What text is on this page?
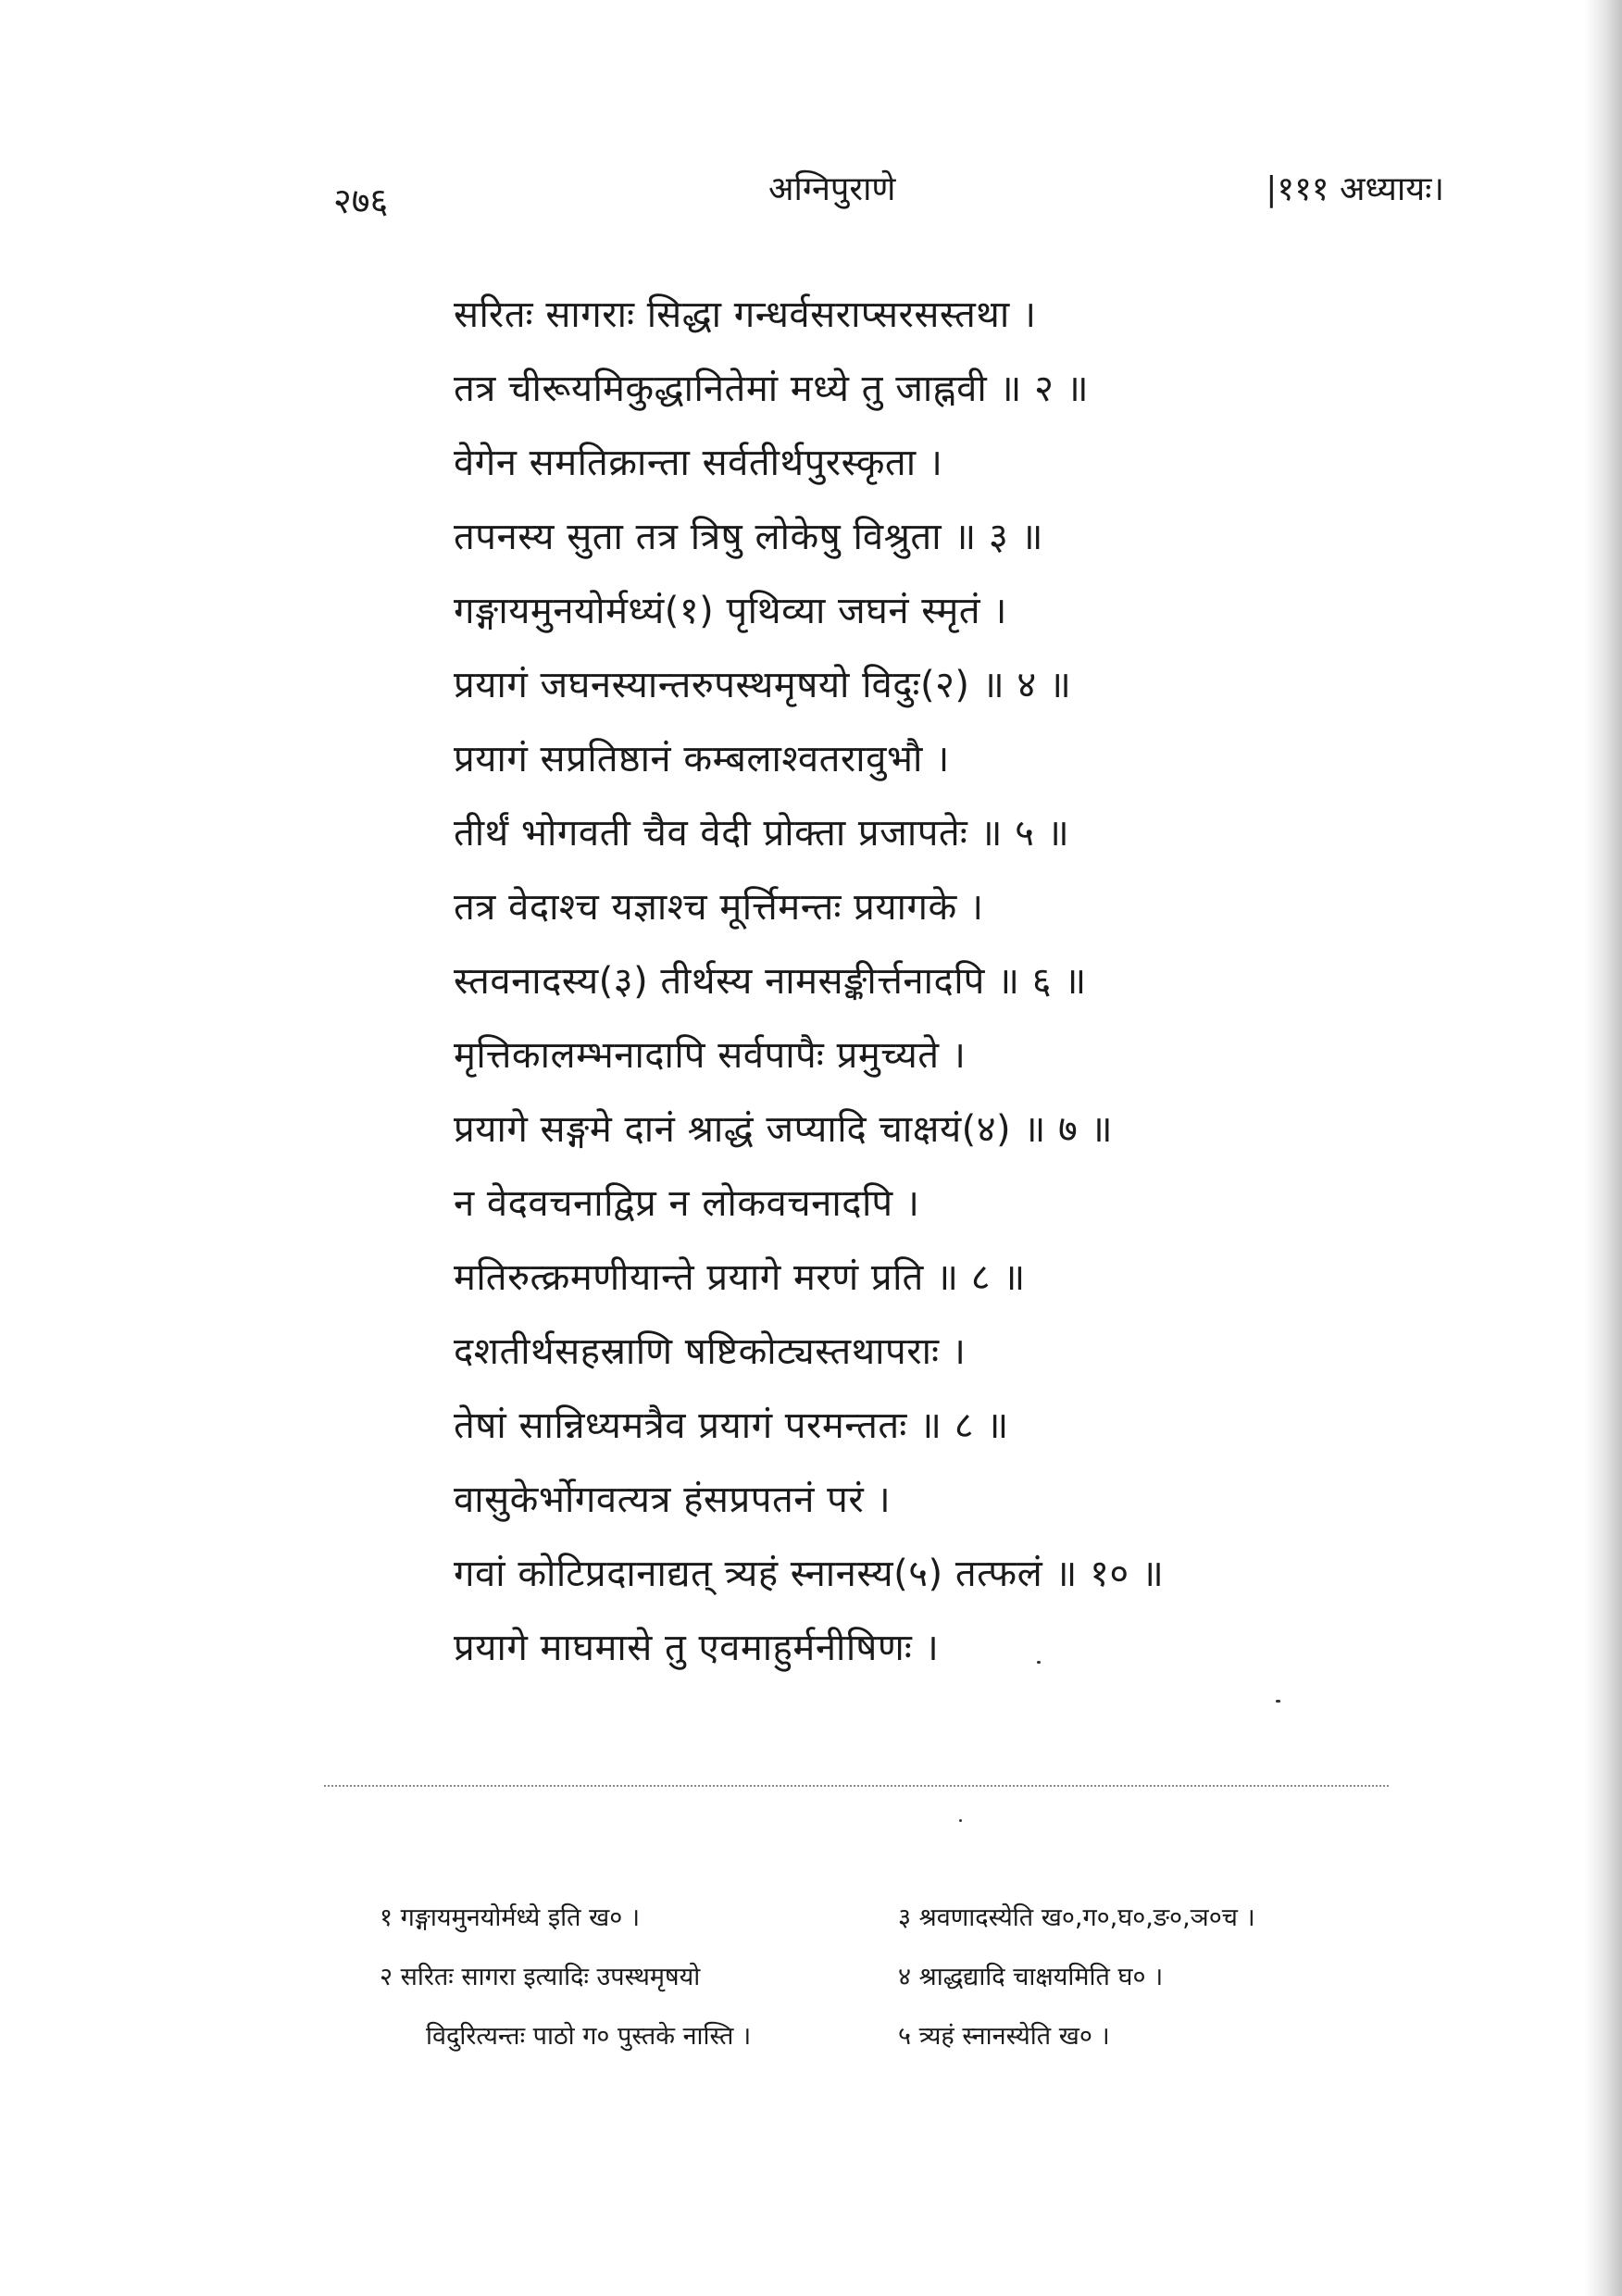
२७६	अग्निपुराणे	|१११ अध्यायः।
सरितः सागराः सिद्धा गन्धर्वसराप्सरसस्तथा ।
तत्र चीरूयमिकुद्धानितेमां मध्ये तु जाह्नवी ॥ २ ॥
वेगेन समतिक्रान्ता सर्वतीर्थपुरस्कृता ।
तपनस्य सुता तत्र त्रिषु लोकेषु विश्रुता ॥ ३ ॥
गङ्गायमुनयोर्मध्यं(१) पृथिव्या जघनं स्मृतं ।
प्रयागं जघनस्यान्तरुपस्थमृषयो विदुः(२) ॥ ४ ॥
प्रयागं सप्रतिष्ठानं कम्बलाश्वतरावुभौ ।
तीर्थं भोगवती चैव वेदी प्रोक्ता प्रजापतेः ॥ ५ ॥
तत्र वेदाश्च यज्ञाश्च मूर्त्तिमन्तः प्रयागके ।
स्तवनादस्य(३) तीर्थस्य नामसङ्कीर्त्तनादपि ॥ ६ ॥
मृत्तिकालम्भनादापि सर्वपापैः प्रमुच्यते ।
प्रयागे सङ्गमे दानं श्राद्धं जप्यादि चाक्षयं(४) ॥ ७ ॥
न वेदवचनाद्विप्र न लोकवचनादपि ।
मतिरुत्क्रमणीयान्ते प्रयागे मरणं प्रति ॥ ८ ॥
दशतीर्थसहस्राणि षष्टिकोट्यस्तथापराः ।
तेषां सान्निध्यमत्रैव प्रयागं परमन्ततः ॥ ८ ॥
वासुकेर्भोगवत्यत्र हंसप्रपतनं परं ।
गवां कोटिप्रदानाद्यत् त्र्यहं स्नानस्य(५) तत्फलं ॥ १० ॥
प्रयागे माघमासे तु एवमाहुर्मनीषिणः ।
१ गङ्गायमुनयोर्मध्ये इति ख० ।	३ श्रवणादस्येति ख०,ग०,घ०,ङ०,ञ०च ।
२ सरितः सागरा इत्यादिः उपस्थमृषयो	४ श्राद्धद्यादि चाक्षयमिति घ० ।
विदुरित्यन्तः पाठो ग० पुस्तके नास्ति ।	५ त्र्यहं स्नानस्येति ख० ।
